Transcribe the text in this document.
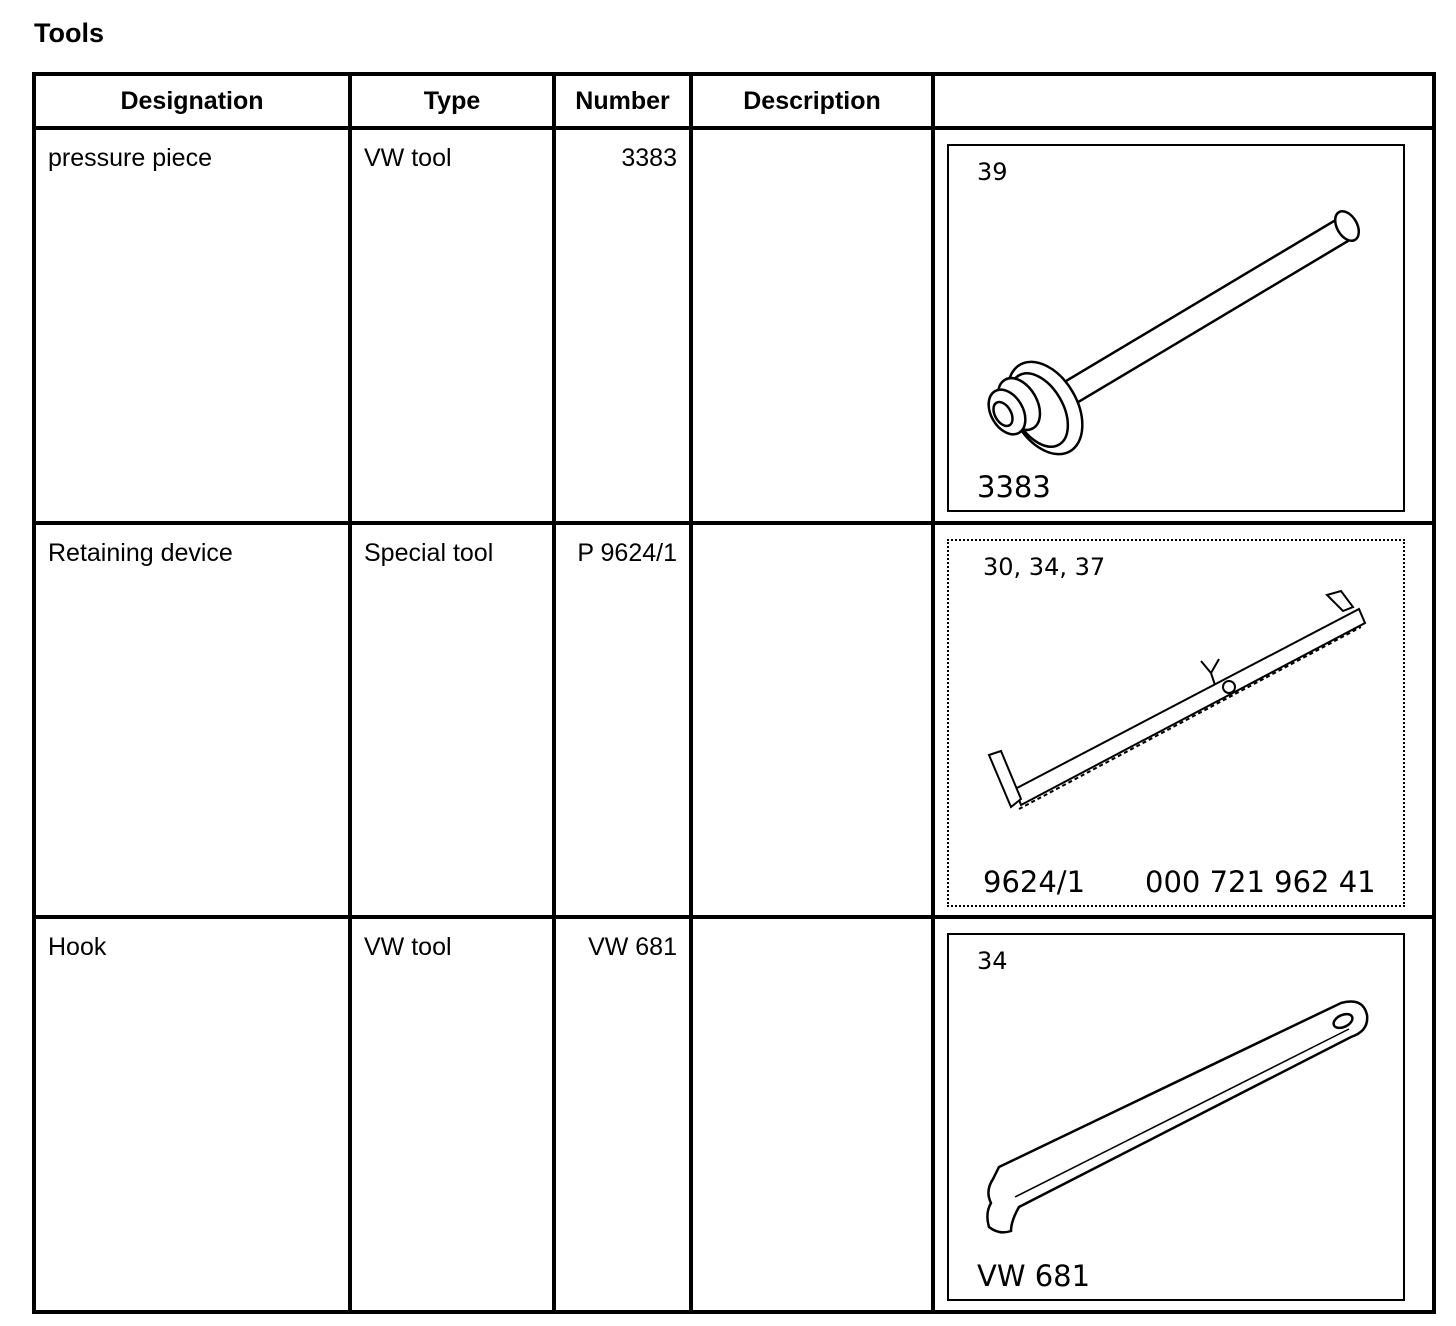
Tools
Designation	Type	Number	Description	
pressure piece	VW tool	3383		39
3383

Retaining device	Special tool	P 9624/1		30, 34, 37
9624/1 000 721 962 41

Hook	VW tool	VW 681		34
VW 681
